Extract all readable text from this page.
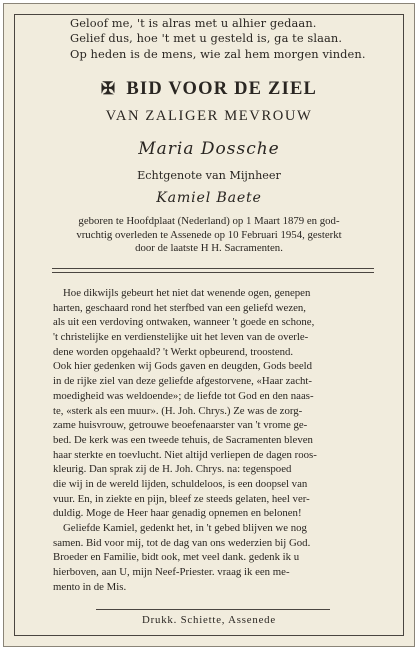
Geloof me, 't is alras met u alhier gedaan.
Gelief dus, hoe 't met u gesteld is, ga te slaan.
Op heden is de mens, wie zal hem morgen vinden.
✠ BID VOOR DE ZIEL
VAN ZALIGER MEVROUW
Maria Dossche
Echtgenote van Mijnheer
Kamiel Baete
geboren te Hoofdplaat (Nederland) op 1 Maart 1879 en god-
vruchtig overleden te Assenede op 10 Februari 1954, gesterkt
door de laatste H H. Sacramenten.
Hoe dikwijls gebeurt het niet dat wenende ogen, genepen
harten, geschaard rond het sterfbed van een geliefd wezen,
als uit een verdoving ontwaken, wanneer 't goede en schone,
't christelijke en verdienstelijke uit het leven van de overle-
dene worden opgehaald? 't Werkt opbeurend, troostend.
Ook hier gedenken wij Gods gaven en deugden, Gods beeld
in de rijke ziel van deze geliefde afgestorvene, «Haar zacht-
moedigheid was weldoende»; de liefde tot God en den naas-
te, «sterk als een muur». (H. Joh. Chrys.) Ze was de zorg-
zame huisvrouw, getrouwe beoefenaarster van 't vrome ge-
bed. De kerk was een tweede tehuis, de Sacramenten bleven
haar sterkte en toevlucht. Niet altijd verliepen de dagen roos-
kleurig. Dan sprak zij de H. Joh. Chrys. na: tegenspoed
die wij in de wereld lijden, schuldeloos, is een doopsel van
vuur. En, in ziekte en pijn, bleef ze steeds gelaten, heel ver-
duldig. Moge de Heer haar genadig opnemen en belonen!
Geliefde Kamiel, gedenkt het, in 't gebed blijven we nog
samen. Bid voor mij, tot de dag van ons wederzien bij God.
Broeder en Familie, bidt ook, met veel dank. gedenk ik u
hierboven, aan U, mijn Neef-Priester. vraag ik een me-
mento in de Mis.
Drukk. Schiette, Assenede
